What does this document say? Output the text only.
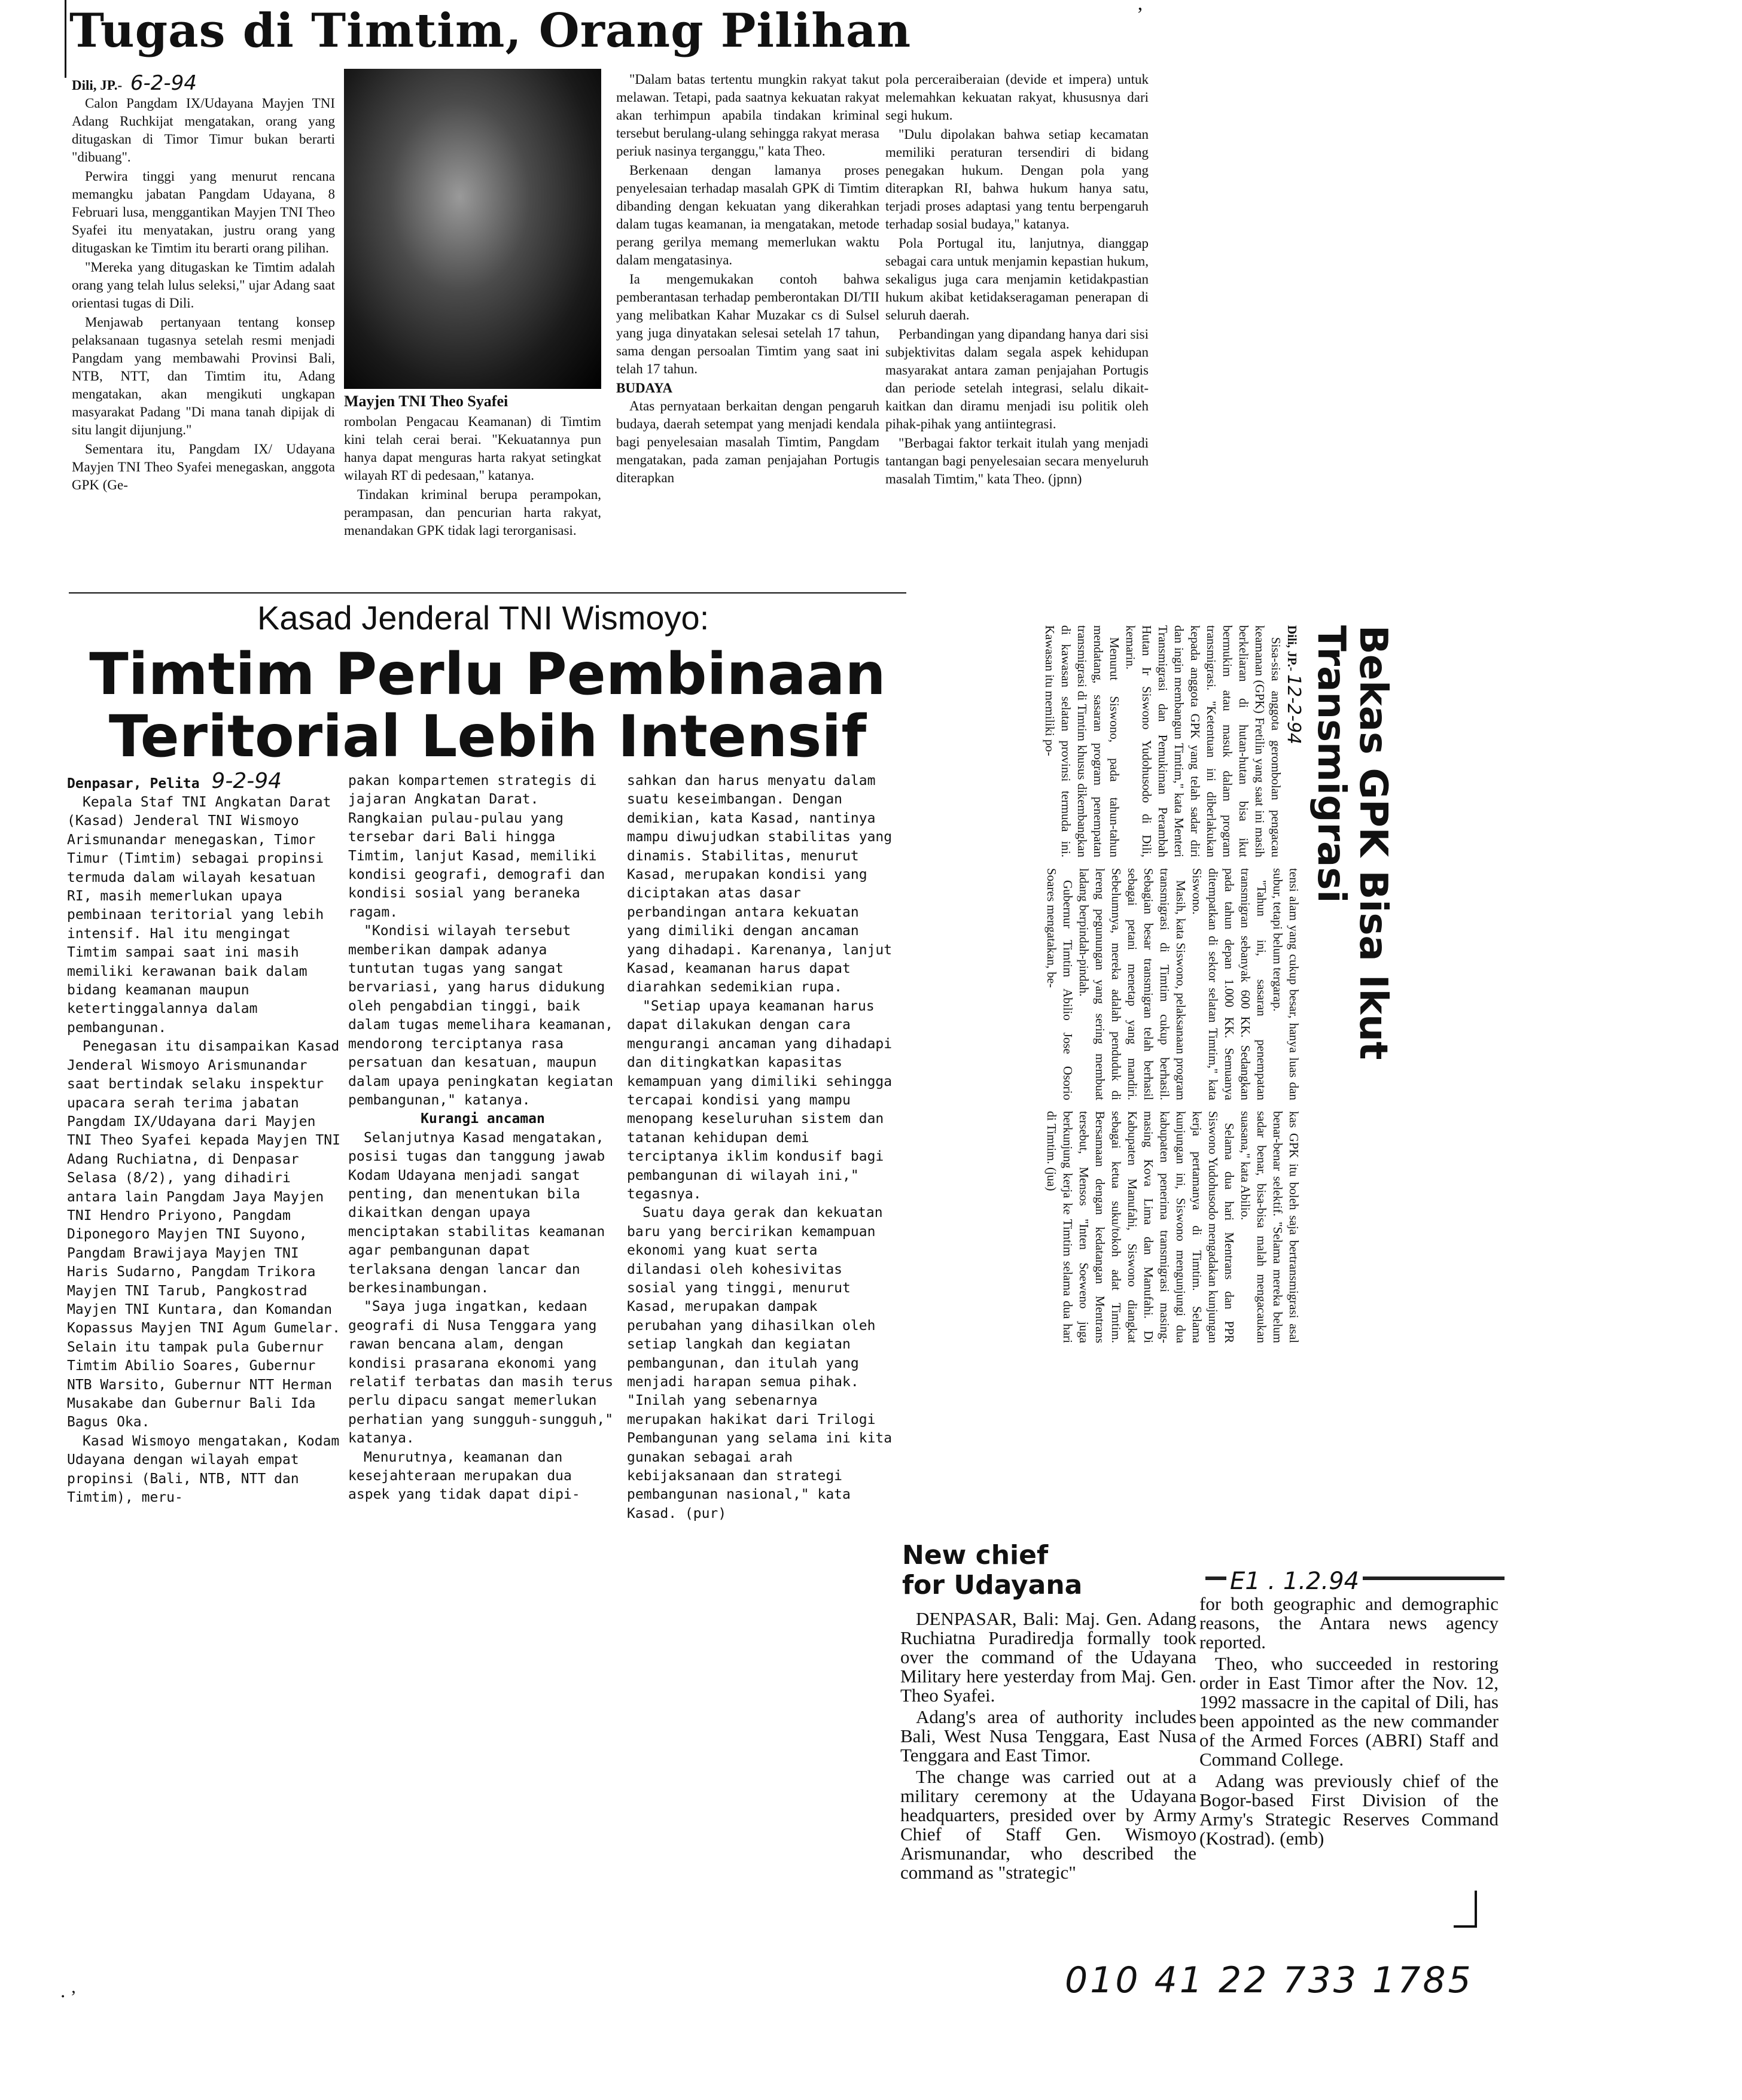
Tugas di Timtim, Orang Pilihan
Dili, JP.- 6-2-94

Calon Pangdam IX/Udayana Mayjen TNI Adang Ruchkijat mengatakan, orang yang ditugaskan di Timor Timur bukan berarti "dibuang".

Perwira tinggi yang menurut rencana memangku jabatan Pangdam Udayana, 8 Februari lusa, menggantikan Mayjen TNI Theo Syafei itu menyatakan, justru orang yang ditugaskan ke Timtim itu berarti orang pilihan.

"Mereka yang ditugaskan ke Timtim adalah orang yang telah lulus seleksi," ujar Adang saat orientasi tugas di Dili.

Menjawab pertanyaan tentang konsep pelaksanaan tugasnya setelah resmi menjadi Pangdam yang membawahi Provinsi Bali, NTB, NTT, dan Timtim itu, Adang mengatakan, akan mengikuti ungkapan masyarakat Padang "Di mana tanah dipijak di situ langit dijunjung."

Sementara itu, Pangdam IX/ Udayana Mayjen TNI Theo Syafei menegaskan, anggota GPK (Ge-

Mayjen TNI Theo Syafei

rombolan Pengacau Keamanan) di Timtim kini telah cerai berai. "Kekuatannya pun hanya dapat menguras harta rakyat setingkat wilayah RT di pedesaan," katanya.

Tindakan kriminal berupa perampokan, perampasan, dan pencurian harta rakyat, menandakan GPK tidak lagi terorganisasi.

"Dalam batas tertentu mungkin rakyat takut melawan. Tetapi, pada saatnya kekuatan rakyat akan terhimpun apabila tindakan kriminal tersebut berulang-ulang sehingga rakyat merasa periuk nasinya terganggu," kata Theo.

Berkenaan dengan lamanya proses penyelesaian terhadap masalah GPK di Timtim dibanding dengan kekuatan yang dikerahkan dalam tugas keamanan, ia mengatakan, metode perang gerilya memang memerlukan waktu dalam mengatasinya.

Ia mengemukakan contoh bahwa pemberantasan terhadap pemberontakan DI/TII yang melibatkan Kahar Muzakar cs di Sulsel yang juga dinyatakan selesai setelah 17 tahun, sama dengan persoalan Timtim yang saat ini telah 17 tahun.

BUDAYA

Atas pernyataan berkaitan dengan pengaruh budaya, daerah setempat yang menjadi kendala bagi penyelesaian masalah Timtim, Pangdam mengatakan, pada zaman penjajahan Portugis diterapkan

pola perceraiberaian (devide et impera) untuk melemahkan kekuatan rakyat, khususnya dari segi hukum.

"Dulu dipolakan bahwa setiap kecamatan memiliki peraturan tersendiri di bidang penegakan hukum. Dengan pola yang diterapkan RI, bahwa hukum hanya satu, terjadi proses adaptasi yang tentu berpengaruh terhadap sosial budaya," katanya.

Pola Portugal itu, lanjutnya, dianggap sebagai cara untuk menjamin kepastian hukum, sekaligus juga cara menjamin ketidakpastian hukum akibat ketidakseragaman penerapan di seluruh daerah.

Perbandingan yang dipandang hanya dari sisi subjektivitas dalam segala aspek kehidupan masyarakat antara zaman penjajahan Portugis dan periode setelah integrasi, selalu dikait-kaitkan dan diramu menjadi isu politik oleh pihak-pihak yang antiintegrasi.

"Berbagai faktor terkait itulah yang menjadi tantangan bagi penyelesaian secara menyeluruh masalah Timtim," kata Theo. (jpnn)

’
Kasad Jenderal TNI Wismoyo:
Timtim Perlu Pembinaan
Teritorial Lebih Intensif
Denpasar, Pelita 9-2-94

Kepala Staf TNI Angkatan Darat (Kasad) Jenderal TNI Wismoyo Arismunandar menegaskan, Timor Timur (Timtim) sebagai propinsi termuda dalam wilayah kesatuan RI, masih memerlukan upaya pembinaan teritorial yang lebih intensif. Hal itu mengingat Timtim sampai saat ini masih memiliki kerawanan baik dalam bidang keamanan maupun ketertinggalannya dalam pembangunan.

Penegasan itu disampaikan Kasad Jenderal Wismoyo Arismunandar saat bertindak selaku inspektur upacara serah terima jabatan Pangdam IX/Udayana dari Mayjen TNI Theo Syafei kepada Mayjen TNI Adang Ruchiatna, di Denpasar Selasa (8/2), yang dihadiri antara lain Pangdam Jaya Mayjen TNI Hendro Priyono, Pangdam Diponegoro Mayjen TNI Suyono, Pangdam Brawijaya Mayjen TNI Haris Sudarno, Pangdam Trikora Mayjen TNI Tarub, Pangkostrad Mayjen TNI Kuntara, dan Komandan Kopassus Mayjen TNI Agum Gumelar. Selain itu tampak pula Gubernur Timtim Abilio Soares, Gubernur NTB Warsito, Gubernur NTT Herman Musakabe dan Gubernur Bali Ida Bagus Oka.

Kasad Wismoyo mengatakan, Kodam Udayana dengan wilayah empat propinsi (Bali, NTB, NTT dan Timtim), meru-

pakan kompartemen strategis di jajaran Angkatan Darat. Rangkaian pulau-pulau yang tersebar dari Bali hingga Timtim, lanjut Kasad, memiliki kondisi geografi, demografi dan kondisi sosial yang beraneka ragam.

"Kondisi wilayah tersebut memberikan dampak adanya tuntutan tugas yang sangat bervariasi, yang harus didukung oleh pengabdian tinggi, baik dalam tugas memelihara keamanan, mendorong terciptanya rasa persatuan dan kesatuan, maupun dalam upaya peningkatan kegiatan pembangunan," katanya.

Kurangi ancaman

Selanjutnya Kasad mengatakan, posisi tugas dan tanggung jawab Kodam Udayana menjadi sangat penting, dan menentukan bila dikaitkan dengan upaya menciptakan stabilitas keamanan agar pembangunan dapat terlaksana dengan lancar dan berkesinambungan.

"Saya juga ingatkan, kedaan geografi di Nusa Tenggara yang rawan bencana alam, dengan kondisi prasarana ekonomi yang relatif terbatas dan masih terus perlu dipacu sangat memerlukan perhatian yang sungguh-sungguh," katanya.

Menurutnya, keamanan dan kesejahteraan merupakan dua aspek yang tidak dapat dipi-

sahkan dan harus menyatu dalam suatu keseimbangan. Dengan demikian, kata Kasad, nantinya mampu diwujudkan stabilitas yang dinamis. Stabilitas, menurut Kasad, merupakan kondisi yang diciptakan atas dasar perbandingan antara kekuatan yang dimiliki dengan ancaman yang dihadapi. Karenanya, lanjut Kasad, keamanan harus dapat diarahkan sedemikian rupa.

"Setiap upaya keamanan harus dapat dilakukan dengan cara mengurangi ancaman yang dihadapi dan ditingkatkan kapasitas kemampuan yang dimiliki sehingga tercapai kondisi yang mampu menopang keseluruhan sistem dan tatanan kehidupan demi terciptanya iklim kondusif bagi pembangunan di wilayah ini," tegasnya.

Suatu daya gerak dan kekuatan baru yang bercirikan kemampuan ekonomi yang kuat serta dilandasi oleh kohesivitas sosial yang tinggi, menurut Kasad, merupakan dampak perubahan yang dihasilkan oleh setiap langkah dan kegiatan pembangunan, dan itulah yang menjadi harapan semua pihak. "Inilah yang sebenarnya merupakan hakikat dari Trilogi Pembangunan yang selama ini kita gunakan sebagai arah kebijaksanaan dan strategi pembangunan nasional," kata Kasad. (pur)

Bekas GPK Bisa Ikut Transmigrasi
Dili, JP.- 12-2-94

Sisa-sisa anggota gerombolan pengacau keamanan (GPK) Fretilin yang saat ini masih berkeliaran di hutan-hutan bisa ikut bermukim atau masuk dalam program transmigrasi. "Ketentuan ini diberlakukan kepada anggota GPK yang telah sadar diri dan ingin membangun Timtim," kata Menteri Transmigrasi dan Pemukiman Perambah Hutan Ir Siswono Yudohusodo di Dili, kemarin.

Menurut Siswono, pada tahun-tahun mendatang, sasaran program penempatan transmigrasi di Timtim khusus dikembangkan di kawasan selatan provinsi termuda ini. Kawasan itu memiliki po-

tensi alam yang cukup besar, hanya luas dan subur, tetapi belum tergarap.

"Tahun ini, sasaran penempatan transmigran sebanyak 600 KK. Sedangkan pada tahun depan 1.000 KK. Semuanya ditempatkan di sektor selatan Timtim," kata Siswono.

Masih, kata Siswono, pelaksanaan program transmigrasi di Timtim cukup berhasil. Sebagian besar transmigran telah berhasil sebagai petani menetap yang mandiri. Sebelumnya, mereka adalah penduduk di lereng pegunungan yang sering membuat ladang berpindah-pindah.

Gubernur Timtim Abilio Jose Osorio Soares mengatakan, be-

kas GPK itu boleh saja bertransmigrasi asal benar-benar selektif. "Selama mereka belum sadar benar, bisa-bisa malah mengacaukan suasana," kata Abilio.

Selama dua hari Mentrans dan PPR Siswono Yudohusodo mengadakan kunjungan kerja pertamanya di Timtim. Selama kunjungan ini, Siswono mengunjungi dua kabupaten penerima transmigrasi masing-masing Kova Lima dan Manufahi. Di Kabupaten Manufahi, Siswono diangkat sebagai ketua suku/tokoh adat Timtim. Bersamaan dengan kedatangan Mentrans tersebut, Mensos "Inten Soeweno juga berkunjung kerja ke Timtim selama dua hari di Timtim. (jua)

New chief
for Udayana

DENPASAR, Bali: Maj. Gen. Adang Ruchiatna Puradiredja formally took over the command of the Udayana Military here yesterday from Maj. Gen. Theo Syafei.

Adang's area of authority includes Bali, West Nusa Tenggara, East Nusa Tenggara and East Timor.

The change was carried out at a military ceremony at the Udayana headquarters, presided over by Army Chief of Staff Gen. Wismoyo Arismunandar, who described the command as "strategic"

E1 . 1.2.94

for both geographic and demographic reasons, the Antara news agency reported.

Theo, who succeeded in restoring order in East Timor after the Nov. 12, 1992 massacre in the capital of Dili, has been appointed as the new commander of the Armed Forces (ABRI) Staff and Command College.

Adang was previously chief of the Bogor-based First Division of the Army's Strategic Reserves Command (Kostrad). (emb)

010 41 22 733 1785
⋅ ’
